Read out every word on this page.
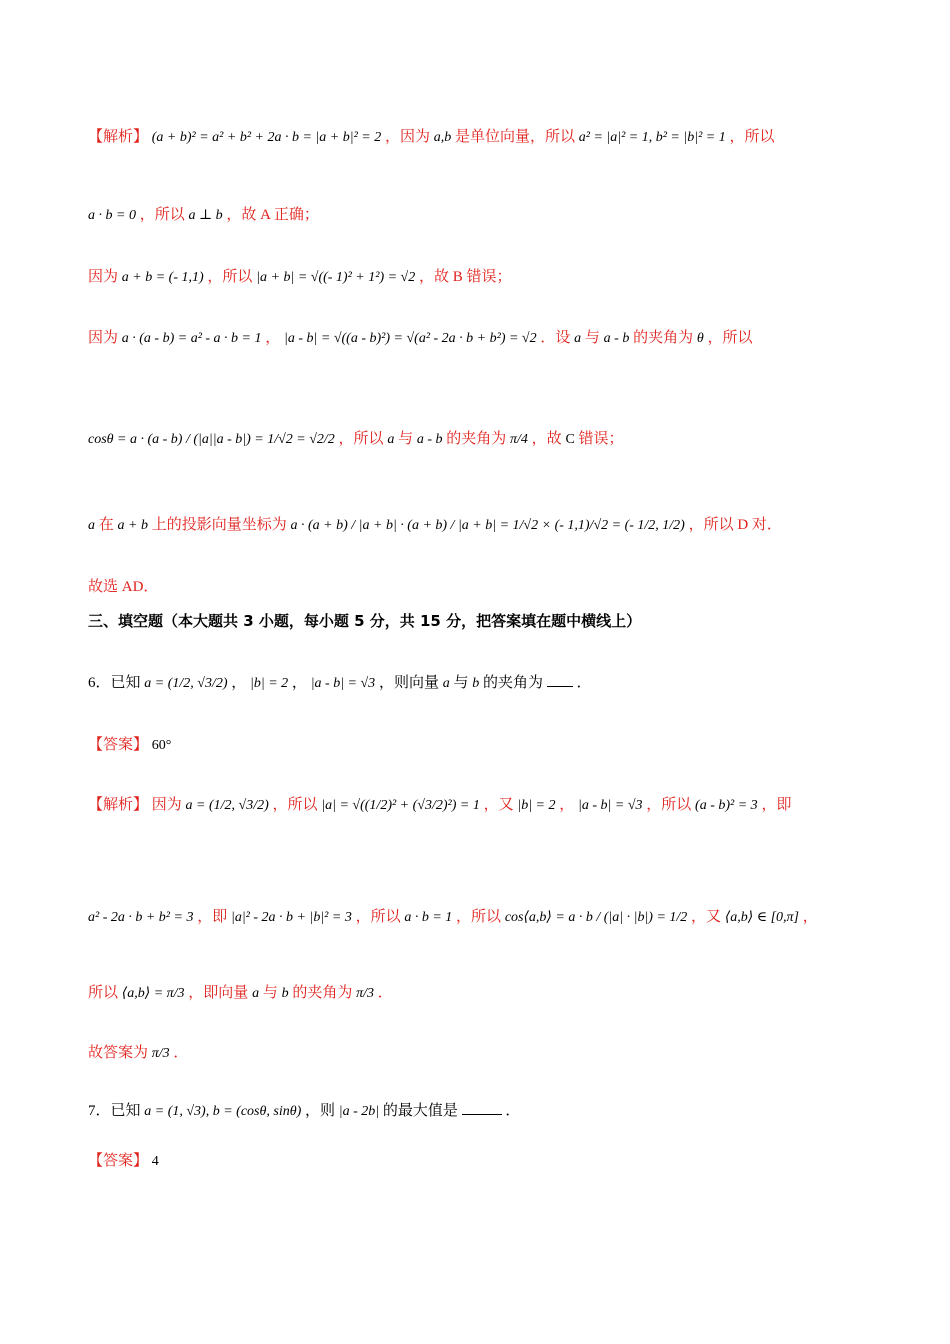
【解析】 (a + b)² = a² + b² + 2a · b = |a + b|² = 2 ，因为 a,b 是单位向量，所以 a² = |a|² = 1, b² = |b|² = 1 ，所以
a · b = 0 ，所以 a ⊥ b ，故 A 正确；
因为 a + b = (- 1,1) ，所以 |a + b| = √((- 1)² + 1²) = √2 ，故 B 错误；
因为 a · (a - b) = a² - a · b = 1 ， |a - b| = √((a - b)²) = √(a² - 2a · b + b²) = √2 ．设 a 与 a - b 的夹角为 θ ，所以
cosθ = a · (a - b) / (|a||a - b|) = 1/√2 = √2/2 ，所以 a 与 a - b 的夹角为 π/4 ，故 C 错误；
a 在 a + b 上的投影向量坐标为 a · (a + b) / |a + b| · (a + b) / |a + b| = 1/√2 × (- 1,1)/√2 = (- 1/2, 1/2) ，所以 D 对．
故选 AD．
三、填空题（本大题共 3 小题，每小题 5 分，共 15 分，把答案填在题中横线上）
6．已知 a = (1/2, √3/2) ， |b| = 2 ， |a - b| = √3 ，则向量 a 与 b 的夹角为 ．
【答案】 60°
【解析】 因为 a = (1/2, √3/2) ，所以 |a| = √((1/2)² + (√3/2)²) = 1 ，又 |b| = 2 ， |a - b| = √3 ，所以 (a - b)² = 3 ，即
a² - 2a · b + b² = 3 ，即 |a|² - 2a · b + |b|² = 3 ，所以 a · b = 1 ，所以 cos⟨a,b⟩ = a · b / (|a| · |b|) = 1/2 ，又 ⟨a,b⟩ ∈ [0,π] ，
所以 ⟨a,b⟩ = π/3 ，即向量 a 与 b 的夹角为 π/3 ．
故答案为 π/3 ．
7．已知 a = (1, √3), b = (cosθ, sinθ) ，则 |a - 2b| 的最大值是	．
【答案】 4
